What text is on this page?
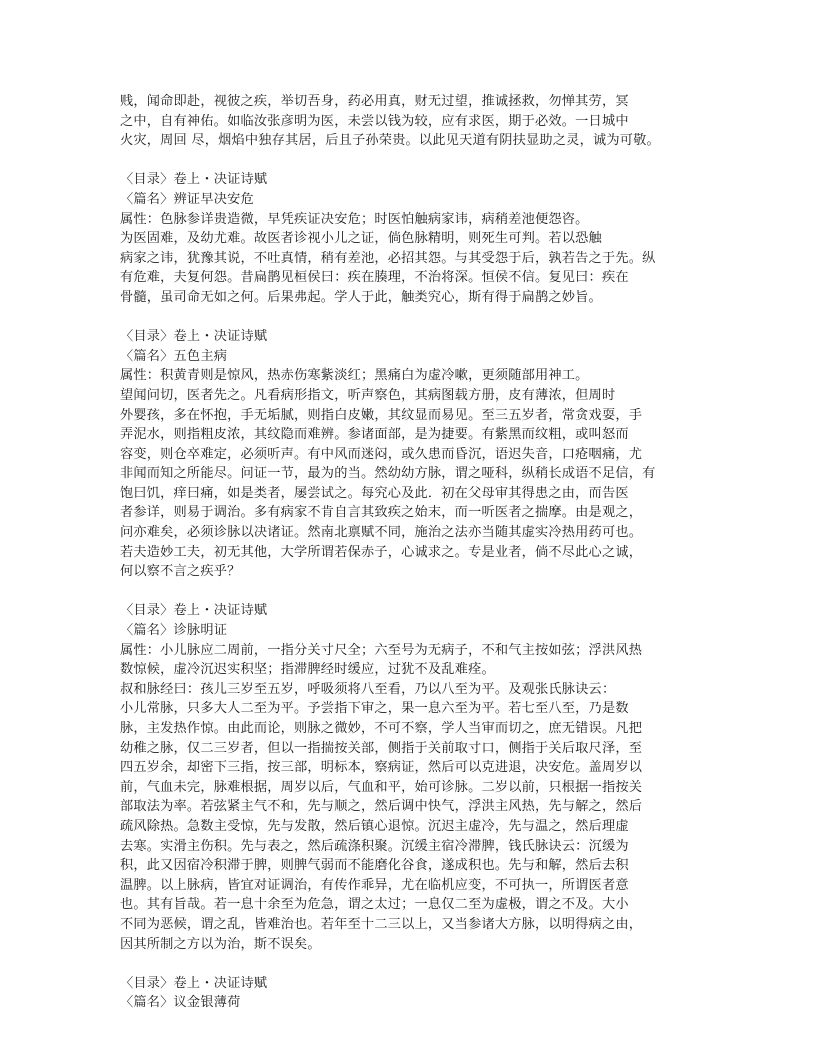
贱，闻命即赴，视彼之疾，举切吾身，药必用真，财无过望，推诚拯救，勿惮其劳，冥
之中，自有神佑。如临汝张彦明为医，未尝以钱为较，应有求医，期于必效。一日城中
火灾，周回 尽，烟焰中独存其居，后且子孙荣贵。以此见天道有阴扶显助之灵，诚为可敬。
〈目录〉卷上・决证诗赋
〈篇名〉辨证早决安危
属性：色脉参详贵造微，早凭疾证决安危；时医怕触病家讳，病稍差池便怨咨。
为医固难，及幼尤难。故医者诊视小儿之证，倘色脉精明，则死生可判。若以恐触
病家之讳，犹豫其说，不吐真情，稍有差池，必招其怨。与其受怨于后，孰若告之于先。纵
有危难，夫复何怨。昔扁鹊见桓侯曰：疾在腠理，不治将深。恒侯不信。复见曰：疾在
骨髓，虽司命无如之何。后果弗起。学人于此，触类究心，斯有得于扁鹊之妙旨。
〈目录〉卷上・决证诗赋
〈篇名〉五色主病
属性：积黄青则是惊风，热赤伤寒紫淡红；黑痛白为虚冷嗽，更须随部用神工。
望闻问切，医者先之。凡看病形指文，听声察色，其病图载方册，皮有薄浓，但周时
外婴孩，多在怀抱，手无垢腻，则指白皮嫩，其纹显而易见。至三五岁者，常贪戏耍，手
弄泥水，则指粗皮浓，其纹隐而难辨。参诸面部，是为捷要。有紫黑而纹粗，或叫怒而
容变，则仓卒难定，必须听声。有中风而迷闷，或久患而昏沉，语迟失音，口疮咽痛，尤
非闻而知之所能尽。问证一节，最为的当。然幼幼方脉，谓之哑科，纵稍长成语不足信，有
饱曰饥，痒曰痛，如是类者，屡尝试之。每究心及此．初在父母审其得患之由，而告医
者参详，则易于调治。多有病家不肯自言其致疾之始末，而一听医者之揣摩。由是观之，
问亦难矣，必须诊脉以决诸证。然南北禀赋不同，施治之法亦当随其虚实冷热用药可也。
若夫造妙工夫，初无其他，大学所谓若保赤子，心诚求之。专是业者，倘不尽此心之诚，
何以察不言之疾乎？
〈目录〉卷上・决证诗赋
〈篇名〉诊脉明证
属性：小儿脉应二周前，一指分关寸尺全；六至号为无病子，不和气主按如弦；浮洪风热
数惊候，虚冷沉迟实积坚；指滞脾经时缓应，过犹不及乱难痊。
叔和脉经曰：孩儿三岁至五岁，呼吸须将八至看，乃以八至为平。及观张氏脉诀云：
小儿常脉，只多大人二至为平。予尝指下审之，果一息六至为平。若七至八至，乃是数
脉，主发热作惊。由此而论，则脉之微妙，不可不察，学人当审而切之，庶无错误。凡把
幼稚之脉，仅二三岁者，但以一指揣按关部，侧指于关前取寸口，侧指于关后取尺泽，至
四五岁余，却密下三指，按三部，明标本，察病证，然后可以克进退，决安危。盖周岁以
前，气血未完，脉难根据，周岁以后，气血和平，始可诊脉。二岁以前，只根据一指按关
部取法为率。若弦紧主气不和，先与顺之，然后调中快气，浮洪主风热，先与解之，然后
疏风除热。急数主受惊，先与发散，然后镇心退惊。沉迟主虚冷，先与温之，然后理虚
去寒。实滑主伤积。先与表之，然后疏涤积聚。沉缓主宿冷滞脾，钱氏脉诀云：沉缓为
积，此又因宿冷积滞于脾，则脾气弱而不能磨化谷食，遂成积也。先与和解，然后去积
温脾。以上脉病，皆宜对证调治，有传作乖异，尤在临机应变，不可执一，所谓医者意
也。其有旨哉。若一息十余至为危急，谓之太过；一息仅二至为虚极，谓之不及。大小
不同为恶候，谓之乱，皆难治也。若年至十二三以上，又当参诸大方脉，以明得病之由，
因其所制之方以为治，斯不误矣。
〈目录〉卷上・决证诗赋
〈篇名〉议金银薄荷
